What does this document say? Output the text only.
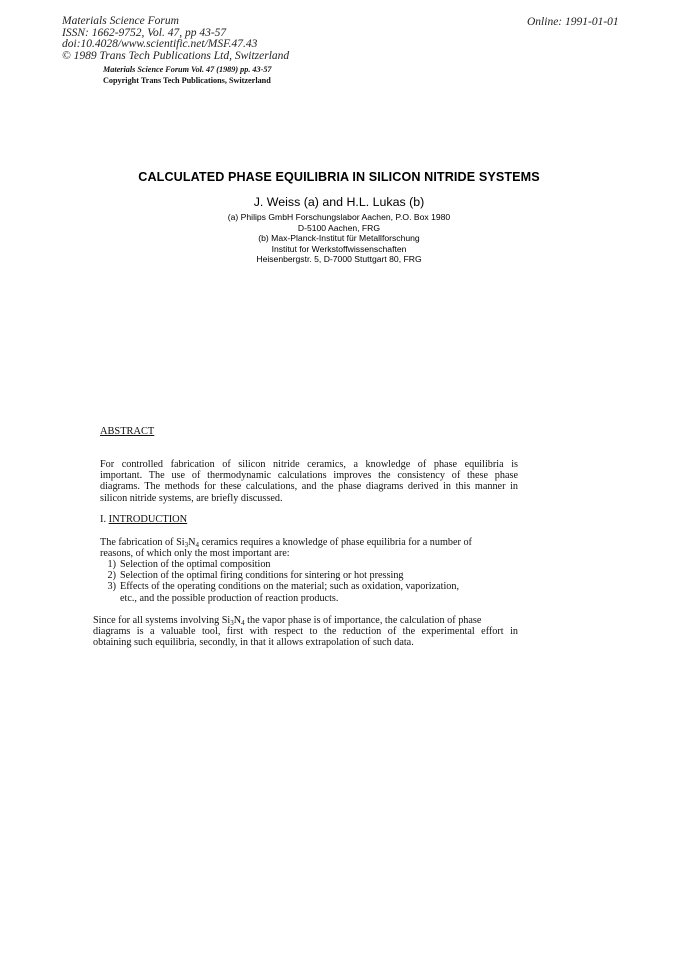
Materials Science Forum
ISSN: 1662-9752, Vol. 47, pp 43-57
doi:10.4028/www.scientific.net/MSF.47.43
© 1989 Trans Tech Publications Ltd, Switzerland
Online: 1991-01-01
Materials Science Forum Vol. 47 (1989) pp. 43-57
Copyright Trans Tech Publications, Switzerland
CALCULATED PHASE EQUILIBRIA IN SILICON NITRIDE SYSTEMS
J. Weiss (a) and H.L. Lukas (b)
(a) Philips GmbH Forschungslabor Aachen, P.O. Box 1980
D-5100 Aachen, FRG
(b) Max-Planck-Institut für Metallforschung
Institut for Werkstoffwissenschaften
Heisenbergstr. 5, D-7000 Stuttgart 80, FRG
ABSTRACT
For controlled fabrication of silicon nitride ceramics, a knowledge of phase equilibria is
important. The use of thermodynamic calculations improves the consistency of these phase
diagrams. The methods for these calculations, and the phase diagrams derived in this manner in
silicon nitride systems, are briefly discussed.
I. INTRODUCTION
The fabrication of $Si_3N_4$ ceramics requires a knowledge of phase equilibria for a number of
reasons, of which only the most important are:
1) Selection of the optimal composition
2) Selection of the optimal firing conditions for sintering or hot pressing
3) Effects of the operating conditions on the material; such as oxidation, vaporization,
etc., and the possible production of reaction products.
Since for all systems involving $Si_3N_4$ the vapor phase is of importance, the calculation of phase
diagrams is a valuable tool, first with respect to the reduction of the experimental effort in
obtaining such equilibria, secondly, in that it allows extrapolation of such data.
